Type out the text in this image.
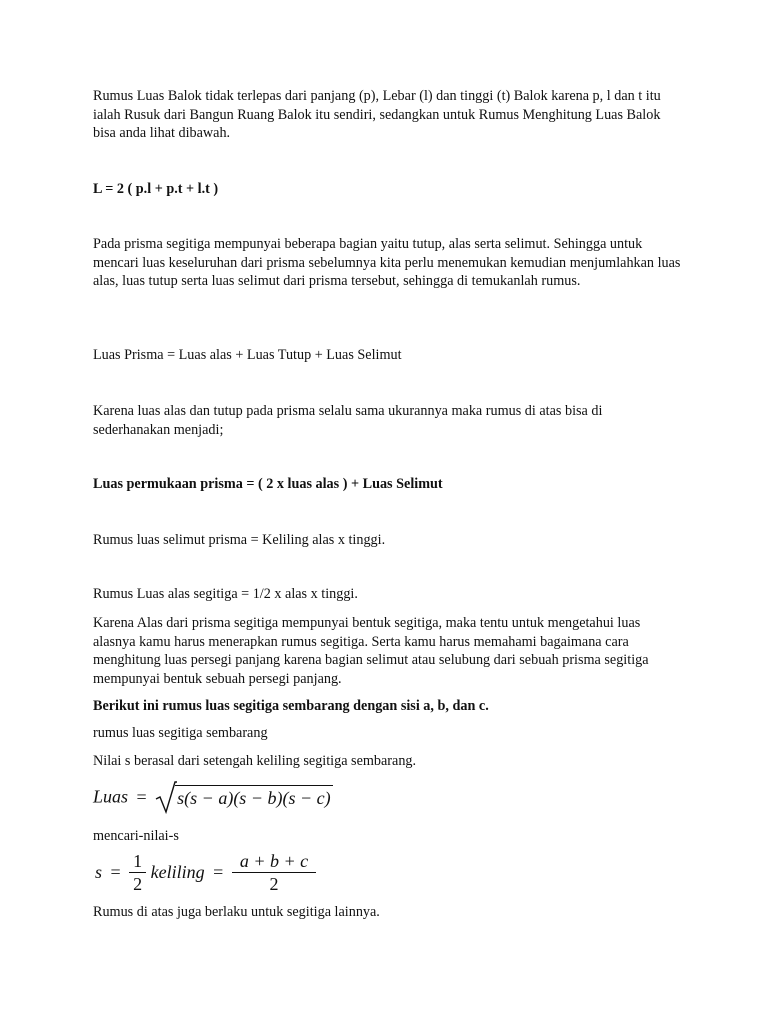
Rumus Luas Balok tidak terlepas dari panjang (p), Lebar (l) dan tinggi (t) Balok karena p, l dan t itu ialah Rusuk dari Bangun Ruang Balok itu sendiri, sedangkan untuk Rumus Menghitung Luas Balok bisa anda lihat dibawah.

L = 2 ( p.l + p.t + l.t )

Pada prisma segitiga mempunyai beberapa bagian yaitu tutup, alas serta selimut. Sehingga untuk mencari luas keseluruhan dari prisma sebelumnya kita perlu menemukan kemudian menjumlahkan luas alas, luas tutup serta luas selimut dari prisma tersebut, sehingga di temukanlah rumus.

Luas Prisma = Luas alas + Luas Tutup + Luas Selimut

Karena luas alas dan tutup pada prisma selalu sama ukurannya maka rumus di atas bisa di sederhanakan menjadi;

Luas permukaan prisma = ( 2 x luas alas ) + Luas Selimut

Rumus luas selimut prisma = Keliling alas x tinggi.

Rumus Luas alas segitiga = 1/2 x alas x tinggi.

Karena Alas dari prisma segitiga mempunyai bentuk segitiga, maka tentu untuk mengetahui luas alasnya kamu harus menerapkan rumus segitiga. Serta kamu harus memahami bagaimana cara menghitung luas persegi panjang karena bagian selimut atau selubung dari sebuah prisma segitiga mempunyai bentuk sebuah persegi panjang.

Berikut ini rumus luas segitiga sembarang dengan sisi a, b, dan c.

rumus luas segitiga sembarang

Nilai s berasal dari setengah keliling segitiga sembarang.

Luas = s(s − a)(s − b)(s − c)

mencari-nilai-s

$s = \frac{1}{2}$ keliling = $\frac{a + b + c}{2}$

Rumus di atas juga berlaku untuk segitiga lainnya.
